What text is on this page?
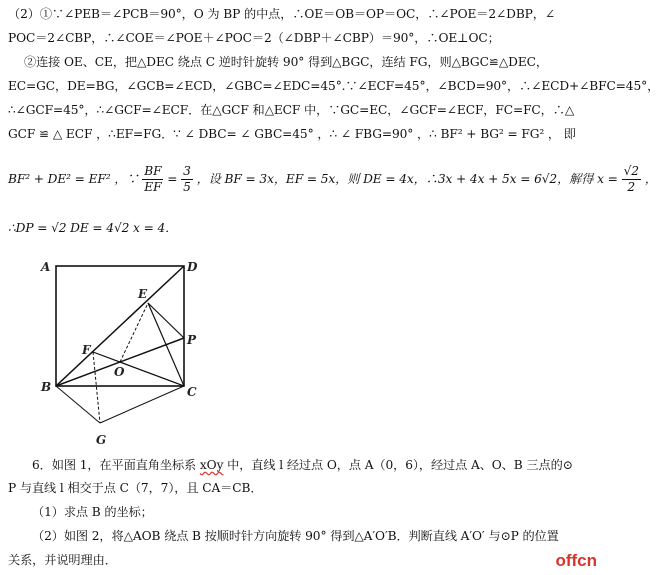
（2）①∵∠PEB＝∠PCB＝90°，O 为 BP 的中点，∴OE＝OB＝OP＝OC，∴∠POE＝2∠DBP，∠
POC＝2∠CBP，∴∠COE＝∠POE＋∠POC＝2（∠DBP＋∠CBP）＝90°，∴OE⊥OC；
②连接 OE、CE，把△DEC 绕点 C 逆时针旋转 90° 得到△BGC，连结 FG，则△BGC≌△DEC，
EC=GC，DE=BG，∠GCB=∠ECD，∠GBC=∠EDC=45°.∵∠ECF=45°，∠BCD=90°，∴∠ECD+∠BFC=45°，
∴∠GCF=45°，∴∠GCF=∠ECF．在△GCF 和△ECF 中，∵GC=EC，∠GCF=∠ECF，FC=FC，∴△
GCF ≌ △ ECF ，∴EF=FG．∵ ∠ DBC= ∠ GBC=45° ，∴ ∠ FBG=90° ，∴ BF² + BG² = FG² ， 即
BF² + DE² = EF² ，∵ $\frac{BF}{EF} = \frac{3}{5}$ ，设 BF = 3x，EF = 5x，则 DE = 4x，∴3x + 4x + 5x = 6√2，解得 $x = \frac{√2}{2}$ ，
∴DP = √2 DE = 4√2 x = 4．
A	D
E
P
F
O
B	C
G
6．如图 1，在平面直角坐标系 xOy 中，直线 l 经过点 O，点 A（0，6），经过点 A、O、B 三点的⊙
P 与直线 l 相交于点 C（7，7），且 CA＝CB．
（1）求点 B 的坐标；
（2）如图 2，将△AOB 绕点 B 按顺时针方向旋转 90° 得到△A′O′B．判断直线 A′O′ 与⊙P 的位置
关系，并说明理由．	offcn
